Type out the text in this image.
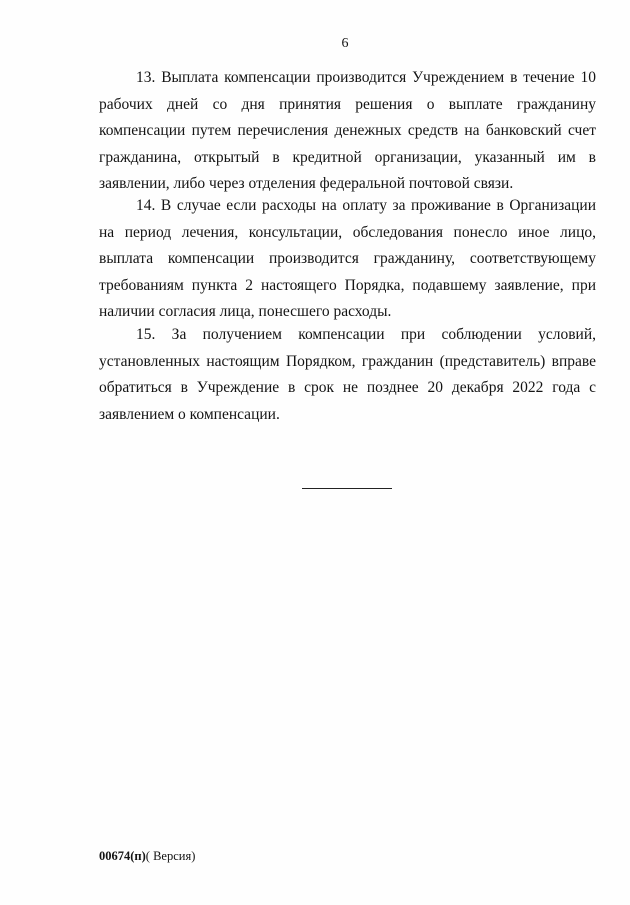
6

13. Выплата компенсации производится Учреждением в течение 10 рабочих дней со дня принятия решения о выплате гражданину компенсации путем перечисления денежных средств на банковский счет гражданина, открытый в кредитной организации, указанный им в заявлении, либо через отделения федеральной почтовой связи.

14. В случае если расходы на оплату за проживание в Организации на период лечения, консультации, обследования понесло иное лицо, выплата компенсации производится гражданину, соответствующему требованиям пункта 2 настоящего Порядка, подавшему заявление, при наличии согласия лица, понесшего расходы.

15. За получением компенсации при соблюдении условий, установленных настоящим Порядком, гражданин (представитель) вправе обратиться в Учреждение в срок не позднее 20 декабря 2022 года с заявлением о компенсации.

00674(п)( Версия)
